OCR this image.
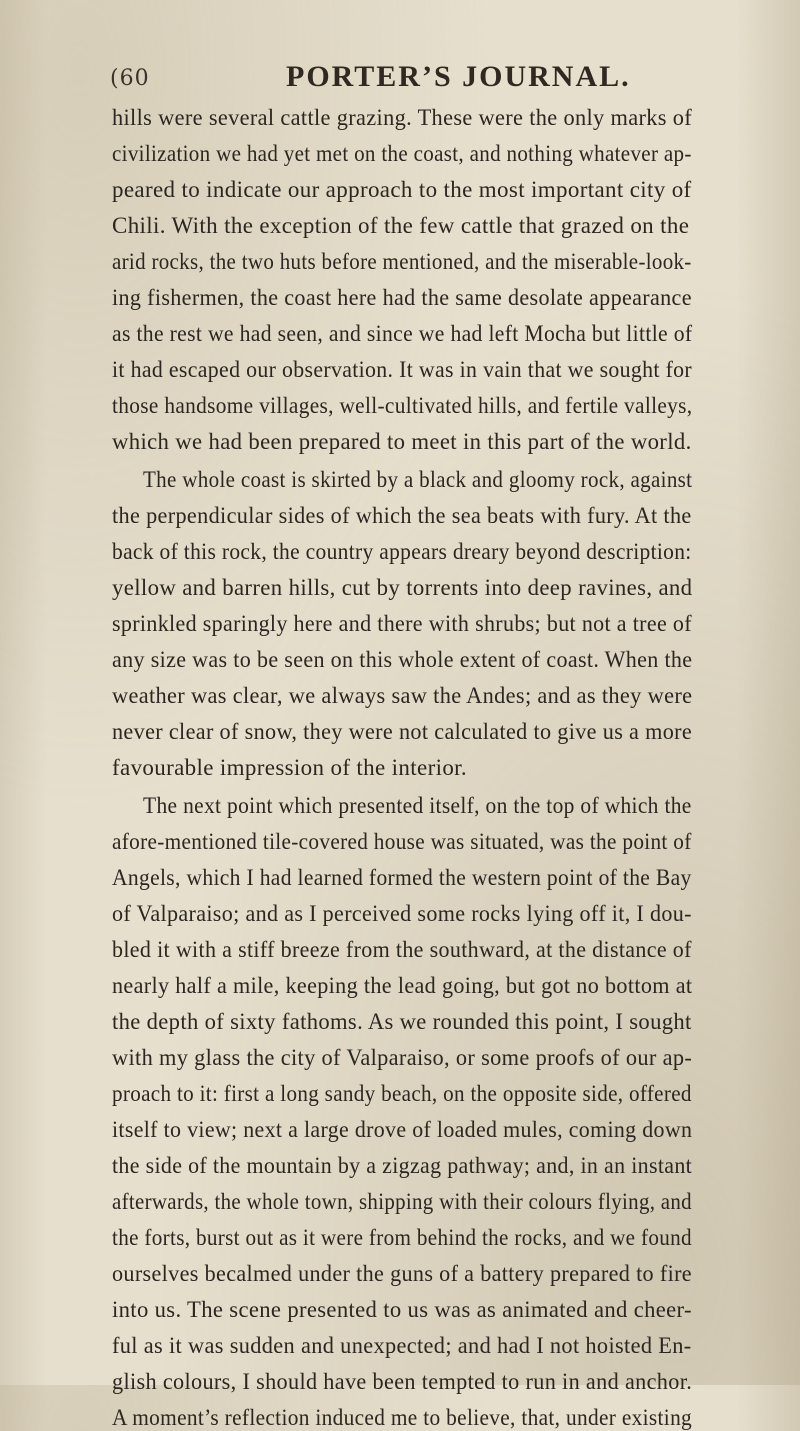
(60	PORTER’S JOURNAL.
hills were several cattle grazing. These were the only marks of
civilization we had yet met on the coast, and nothing whatever ap-
peared to indicate our approach to the most important city of
Chili. With the exception of the few cattle that grazed on the
arid rocks, the two huts before mentioned, and the miserable-look-
ing fishermen, the coast here had the same desolate appearance
as the rest we had seen, and since we had left Mocha but little of
it had escaped our observation. It was in vain that we sought for
those handsome villages, well-cultivated hills, and fertile valleys,
which we had been prepared to meet in this part of the world.
The whole coast is skirted by a black and gloomy rock, against
the perpendicular sides of which the sea beats with fury. At the
back of this rock, the country appears dreary beyond description:
yellow and barren hills, cut by torrents into deep ravines, and
sprinkled sparingly here and there with shrubs; but not a tree of
any size was to be seen on this whole extent of coast. When the
weather was clear, we always saw the Andes; and as they were
never clear of snow, they were not calculated to give us a more
favourable impression of the interior.
The next point which presented itself, on the top of which the
afore-mentioned tile-covered house was situated, was the point of
Angels, which I had learned formed the western point of the Bay
of Valparaiso; and as I perceived some rocks lying off it, I dou-
bled it with a stiff breeze from the southward, at the distance of
nearly half a mile, keeping the lead going, but got no bottom at
the depth of sixty fathoms. As we rounded this point, I sought
with my glass the city of Valparaiso, or some proofs of our ap-
proach to it: first a long sandy beach, on the opposite side, offered
itself to view; next a large drove of loaded mules, coming down
the side of the mountain by a zigzag pathway; and, in an instant
afterwards, the whole town, shipping with their colours flying, and
the forts, burst out as it were from behind the rocks, and we found
ourselves becalmed under the guns of a battery prepared to fire
into us. The scene presented to us was as animated and cheer-
ful as it was sudden and unexpected; and had I not hoisted En-
glish colours, I should have been tempted to run in and anchor.
A moment’s reflection induced me to believe, that, under existing
